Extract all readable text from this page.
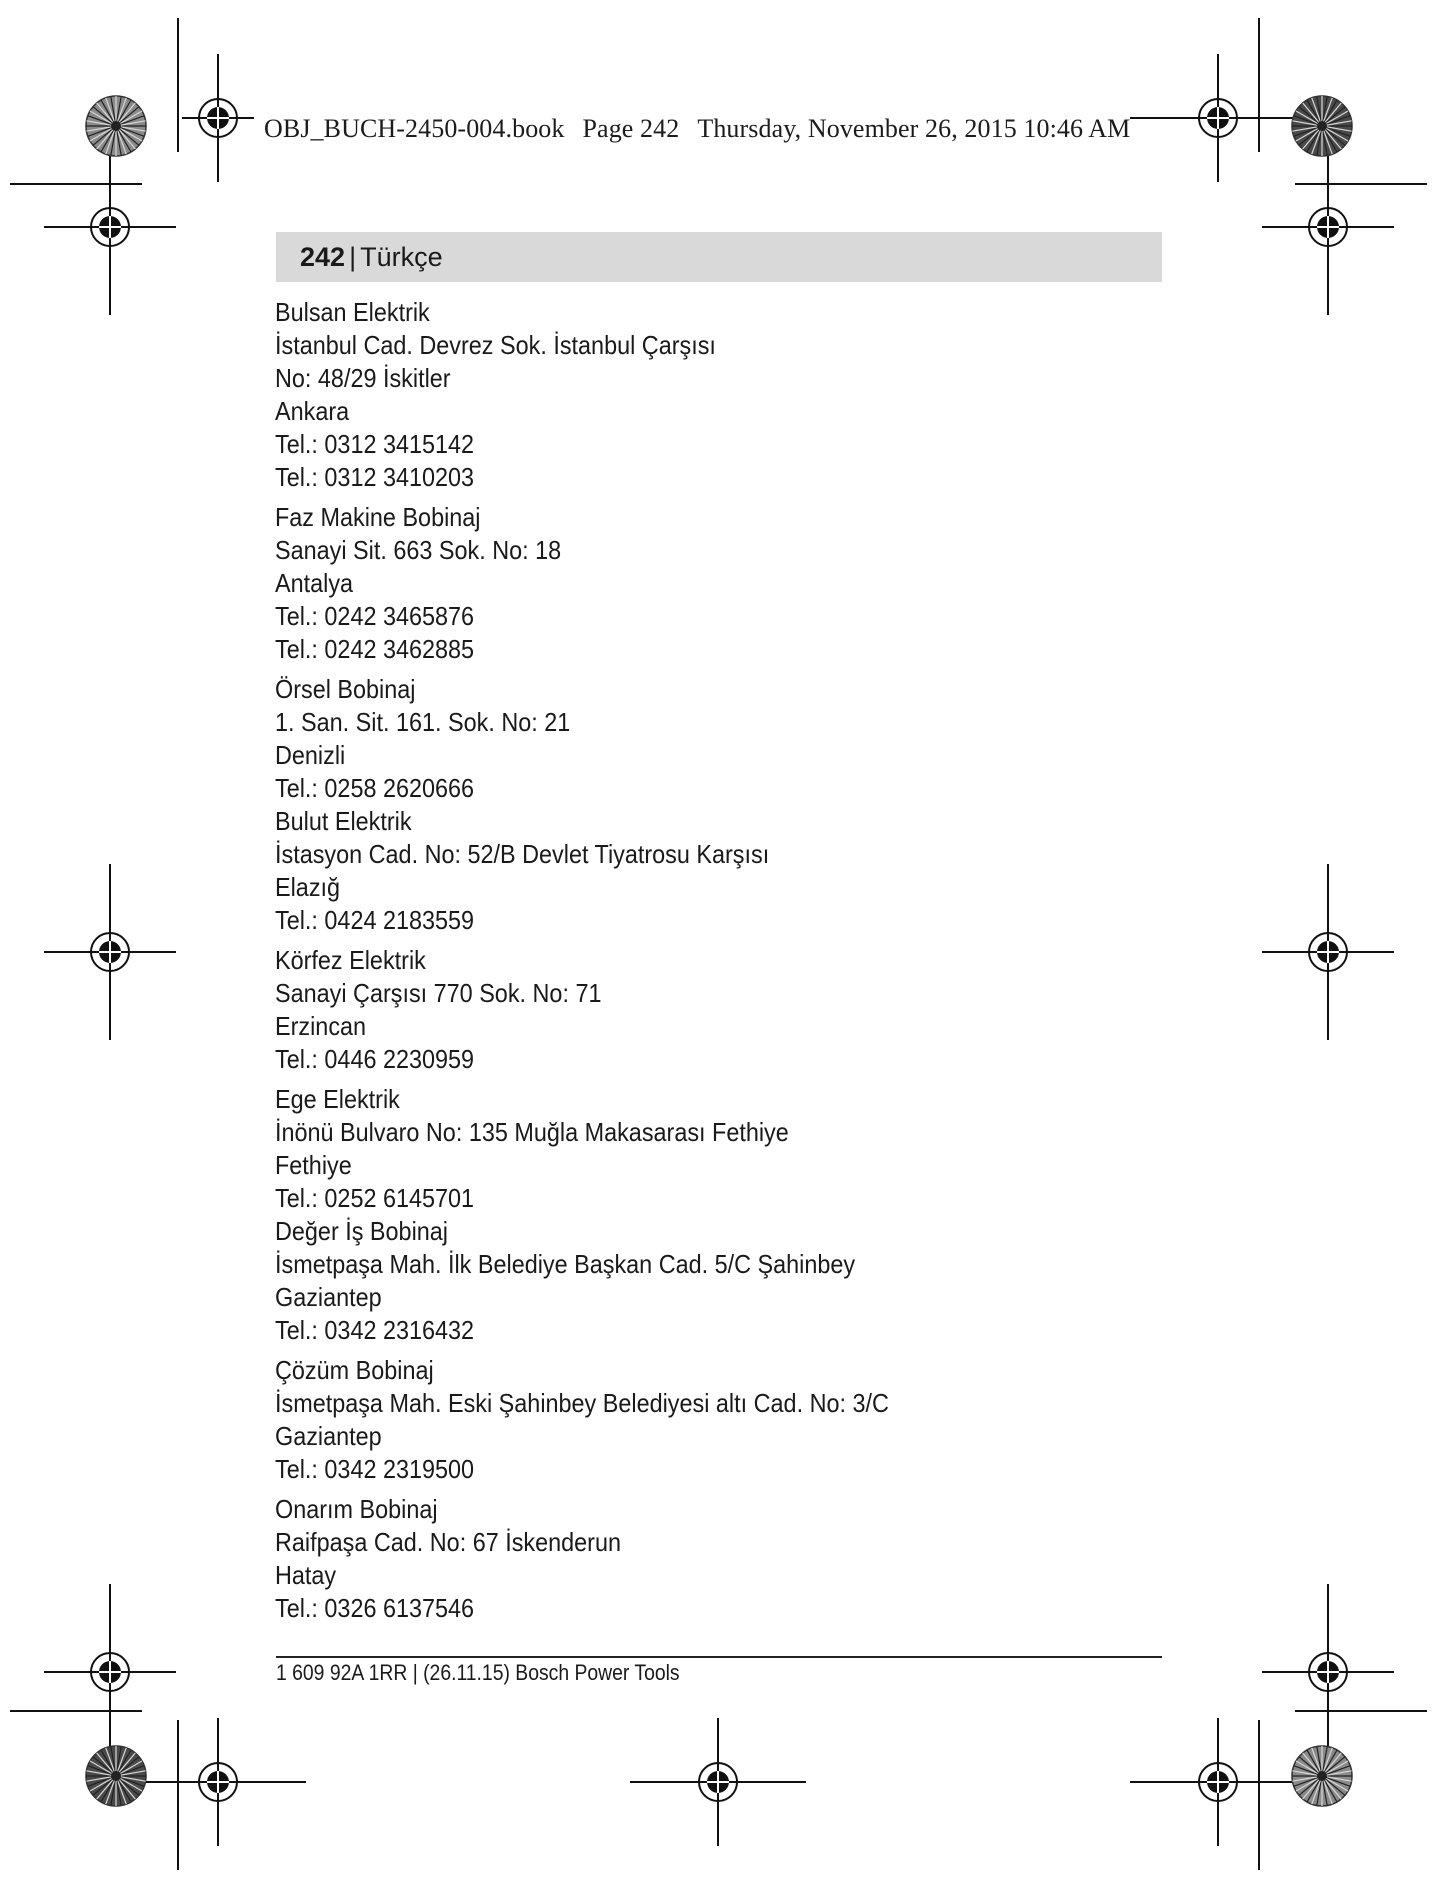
OBJ_BUCH-2450-004.book Page 242 Thursday, November 26, 2015 10:46 AM
242 | Türkçe
Bulsan Elektrik
İstanbul Cad. Devrez Sok. İstanbul Çarşısı
No: 48/29 İskitler
Ankara
Tel.: 0312 3415142
Tel.: 0312 3410203
Faz Makine Bobinaj
Sanayi Sit. 663 Sok. No: 18
Antalya
Tel.: 0242 3465876
Tel.: 0242 3462885
Örsel Bobinaj
1. San. Sit. 161. Sok. No: 21
Denizli
Tel.: 0258 2620666
Bulut Elektrik
İstasyon Cad. No: 52/B Devlet Tiyatrosu Karşısı
Elazığ
Tel.: 0424 2183559
Körfez Elektrik
Sanayi Çarşısı 770 Sok. No: 71
Erzincan
Tel.: 0446 2230959
Ege Elektrik
İnönü Bulvaro No: 135 Muğla Makasarası Fethiye
Fethiye
Tel.: 0252 6145701
Değer İş Bobinaj
İsmetpaşa Mah. İlk Belediye Başkan Cad. 5/C Şahinbey
Gaziantep
Tel.: 0342 2316432
Çözüm Bobinaj
İsmetpaşa Mah. Eski Şahinbey Belediyesi altı Cad. No: 3/C
Gaziantep
Tel.: 0342 2319500
Onarım Bobinaj
Raifpaşa Cad. No: 67 İskenderun
Hatay
Tel.: 0326 6137546
1 609 92A 1RR | (26.11.15) Bosch Power Tools
